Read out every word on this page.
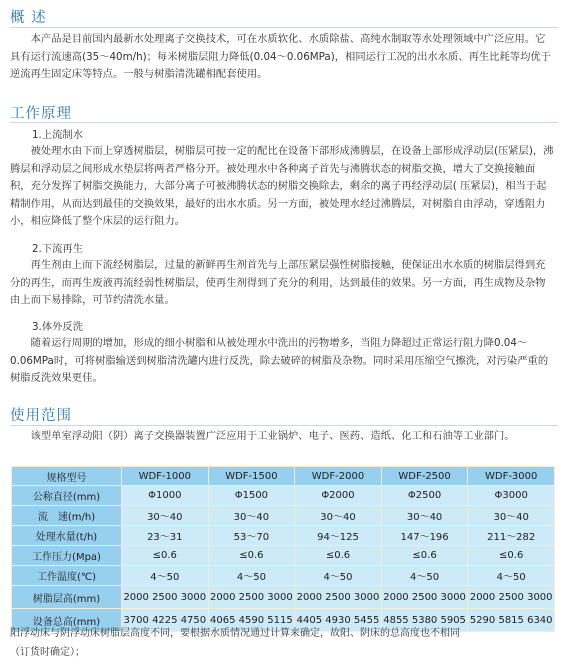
概 述

本产品是目前国内最新水处理离子交换技术，可在水质软化、水质除盐、高纯水制取等水处理领域中广泛应用。它具有运行流速高(35～40m/h)；每米树脂层阻力降低(0.04～0.06MPa)，相同运行工况的出水水质、再生比耗等均优于逆流再生固定床等特点。一般与树脂清洗罐相配套使用。

工作原理
1.上流制水

被处理水由下而上穿透树脂层，树脂层可按一定的配比在设备下部形成沸腾层，在设备上部形成浮动层(压紧层)，沸腾层和浮动层之间形成水垫层将两者严格分开。被处理水中各种离子首先与沸腾状态的树脂交换，增大了交换接触面积，充分发挥了树脂交换能力，大部分离子可被沸腾状态的树脂交换除去，剩余的离子再经浮动层( 压紧层)，相当于起精制作用，从而达到最佳的交换效果，最好的出水水质。另一方面，被处理水经过沸腾层，对树脂自由浮动，穿透阻力小，相应降低了整个床层的运行阻力。

2.下流再生

再生剂由上而下流经树脂层，过量的新鲜再生剂首先与上部压紧层强性树脂接触，使保证出水水质的树脂层得到充分的再生，而再生废液再流经弱性树脂层，使再生剂得到了充分的利用，达到最佳的效果。另一方面，再生成物及杂物由上而下易排除，可节约清洗水量。

3.体外反洗

随着运行周期的增加，形成的细小树脂和从被处理水中洗出的污物增多，当阻力降超过正常运行阻力降0.04～0.06MPa时，可将树脂输送到树脂清洗罐内进行反洗，除去破碎的树脂及杂物。同时采用压缩空气擦洗，对污染严重的树脂反洗效果更佳。

使用范围

该型单室浮动阳（阴）离子交换器装置广泛应用于工业锅炉、电子、医药、造纸、化工和石油等工业部门。

规格型号	WDF-1000	WDF-1500	WDF-2000	WDF-2500	WDF-3000
公称直径(mm)	Φ1000	Φ1500	Φ2000	Φ2500	Φ3000
流　速(m/h)	30～40	30～40	30～40	30～40	30～40
处理水量(t/h)	23～31	53～70	94～125	147～196	211～282
工作压力(Mpa)	≤0.6	≤0.6	≤0.6	≤0.6	≤0.6
工作温度(℃)	4～50	4～50	4～50	4～50	4～50
树脂层高(mm)	2000 2500 3000	2000 2500 3000	2000 2500 3000	2000 2500 3000	2000 2500 3000
设备总高(mm)	3700 4225 4750	4065 4590 5115	4405 4930 5455	4855 5380 5905	5290 5815 6340
阳浮动床与阴浮动床树脂层高度不同，要根据水质情况通过计算来确定，故阳、阴床的总高度也不相同
（订货时确定）；
